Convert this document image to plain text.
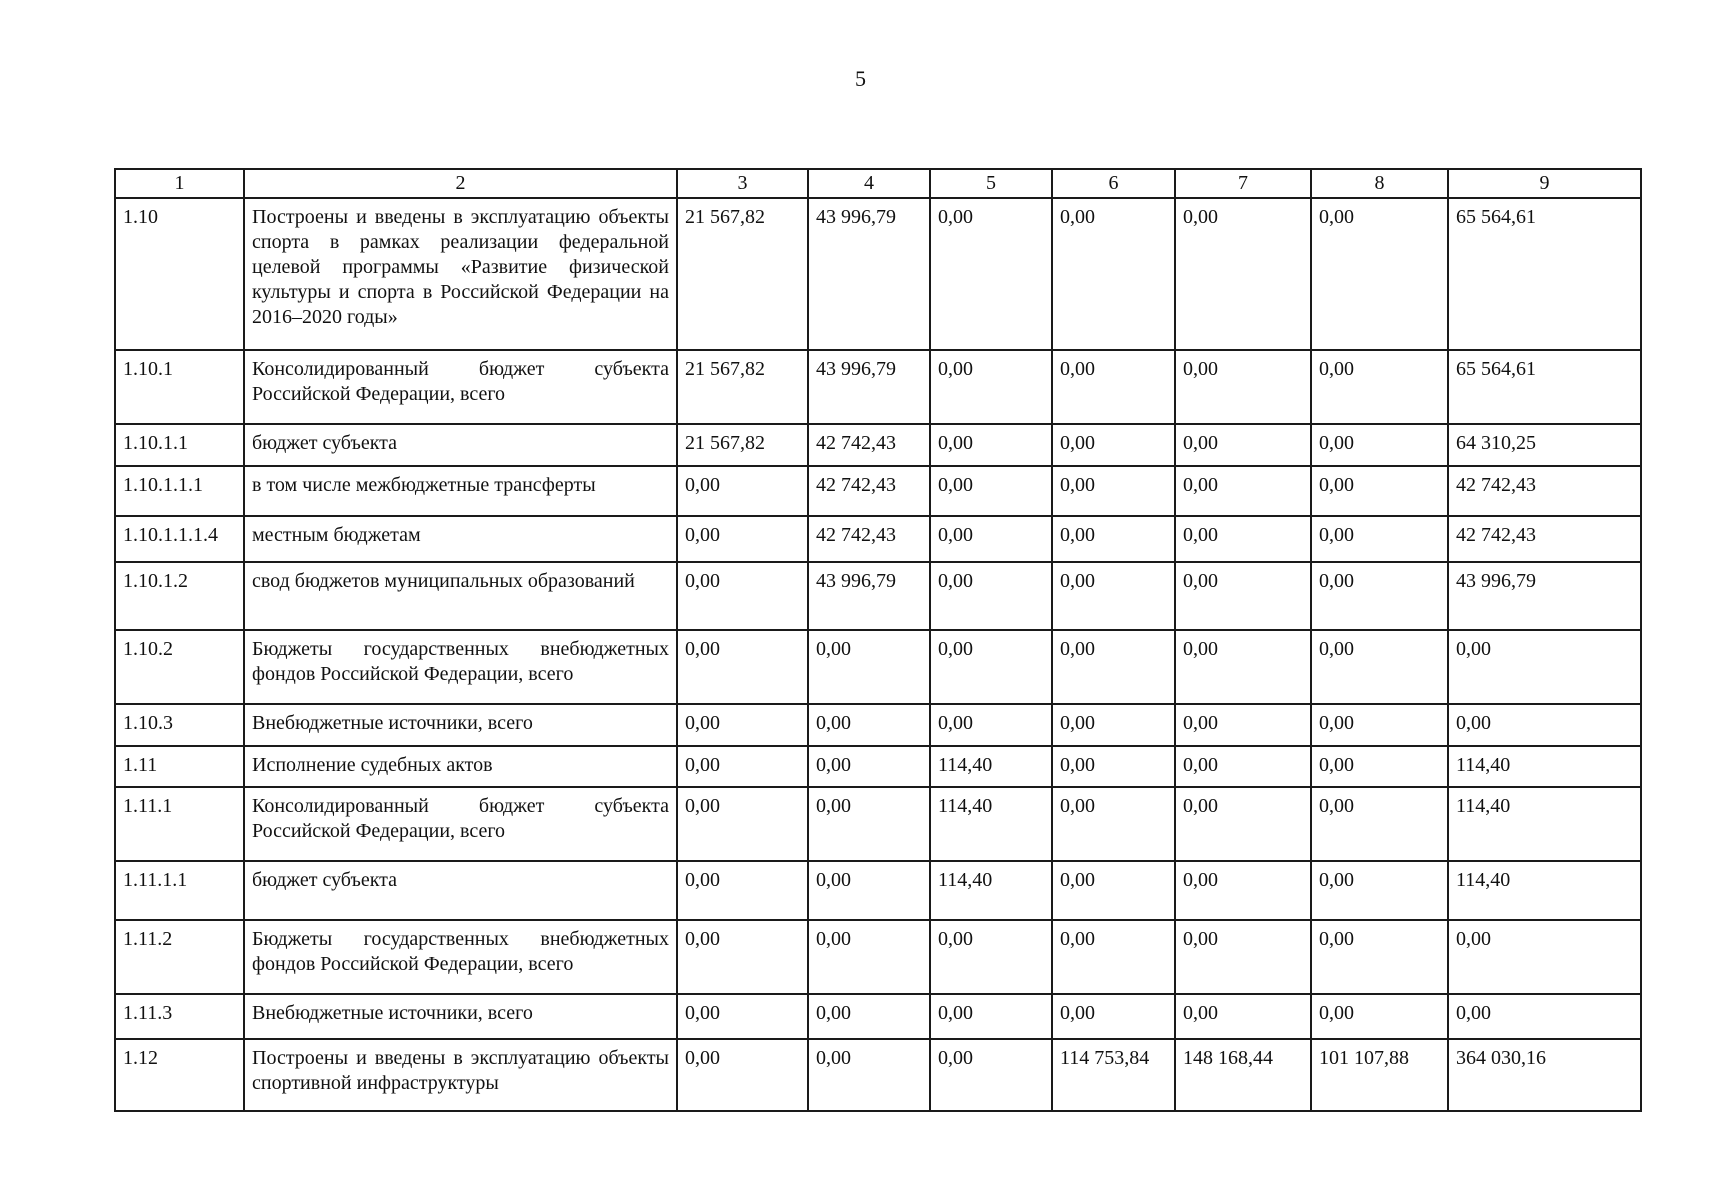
5
1	2	3	4	5	6	7	8	9
1.10	Построены и введены в эксплуатацию объекты спорта в рамках реализации федеральной целевой программы «Развитие физической культуры и спорта в Российской Федерации на 2016–2020 годы»	21 567,82	43 996,79	0,00	0,00	0,00	0,00	65 564,61
1.10.1	Консолидированный бюджет субъекта Российской Федерации, всего	21 567,82	43 996,79	0,00	0,00	0,00	0,00	65 564,61
1.10.1.1	бюджет субъекта	21 567,82	42 742,43	0,00	0,00	0,00	0,00	64 310,25
1.10.1.1.1	в том числе межбюджетные трансферты	0,00	42 742,43	0,00	0,00	0,00	0,00	42 742,43
1.10.1.1.1.4	местным бюджетам	0,00	42 742,43	0,00	0,00	0,00	0,00	42 742,43
1.10.1.2	свод бюджетов муниципальных образований	0,00	43 996,79	0,00	0,00	0,00	0,00	43 996,79
1.10.2	Бюджеты государственных внебюджетных фондов Российской Федерации, всего	0,00	0,00	0,00	0,00	0,00	0,00	0,00
1.10.3	Внебюджетные источники, всего	0,00	0,00	0,00	0,00	0,00	0,00	0,00
1.11	Исполнение судебных актов	0,00	0,00	114,40	0,00	0,00	0,00	114,40
1.11.1	Консолидированный бюджет субъекта Российской Федерации, всего	0,00	0,00	114,40	0,00	0,00	0,00	114,40
1.11.1.1	бюджет субъекта	0,00	0,00	114,40	0,00	0,00	0,00	114,40
1.11.2	Бюджеты государственных внебюджетных фондов Российской Федерации, всего	0,00	0,00	0,00	0,00	0,00	0,00	0,00
1.11.3	Внебюджетные источники, всего	0,00	0,00	0,00	0,00	0,00	0,00	0,00
1.12	Построены и введены в эксплуатацию объекты спортивной инфраструктуры	0,00	0,00	0,00	114 753,84	148 168,44	101 107,88	364 030,16
